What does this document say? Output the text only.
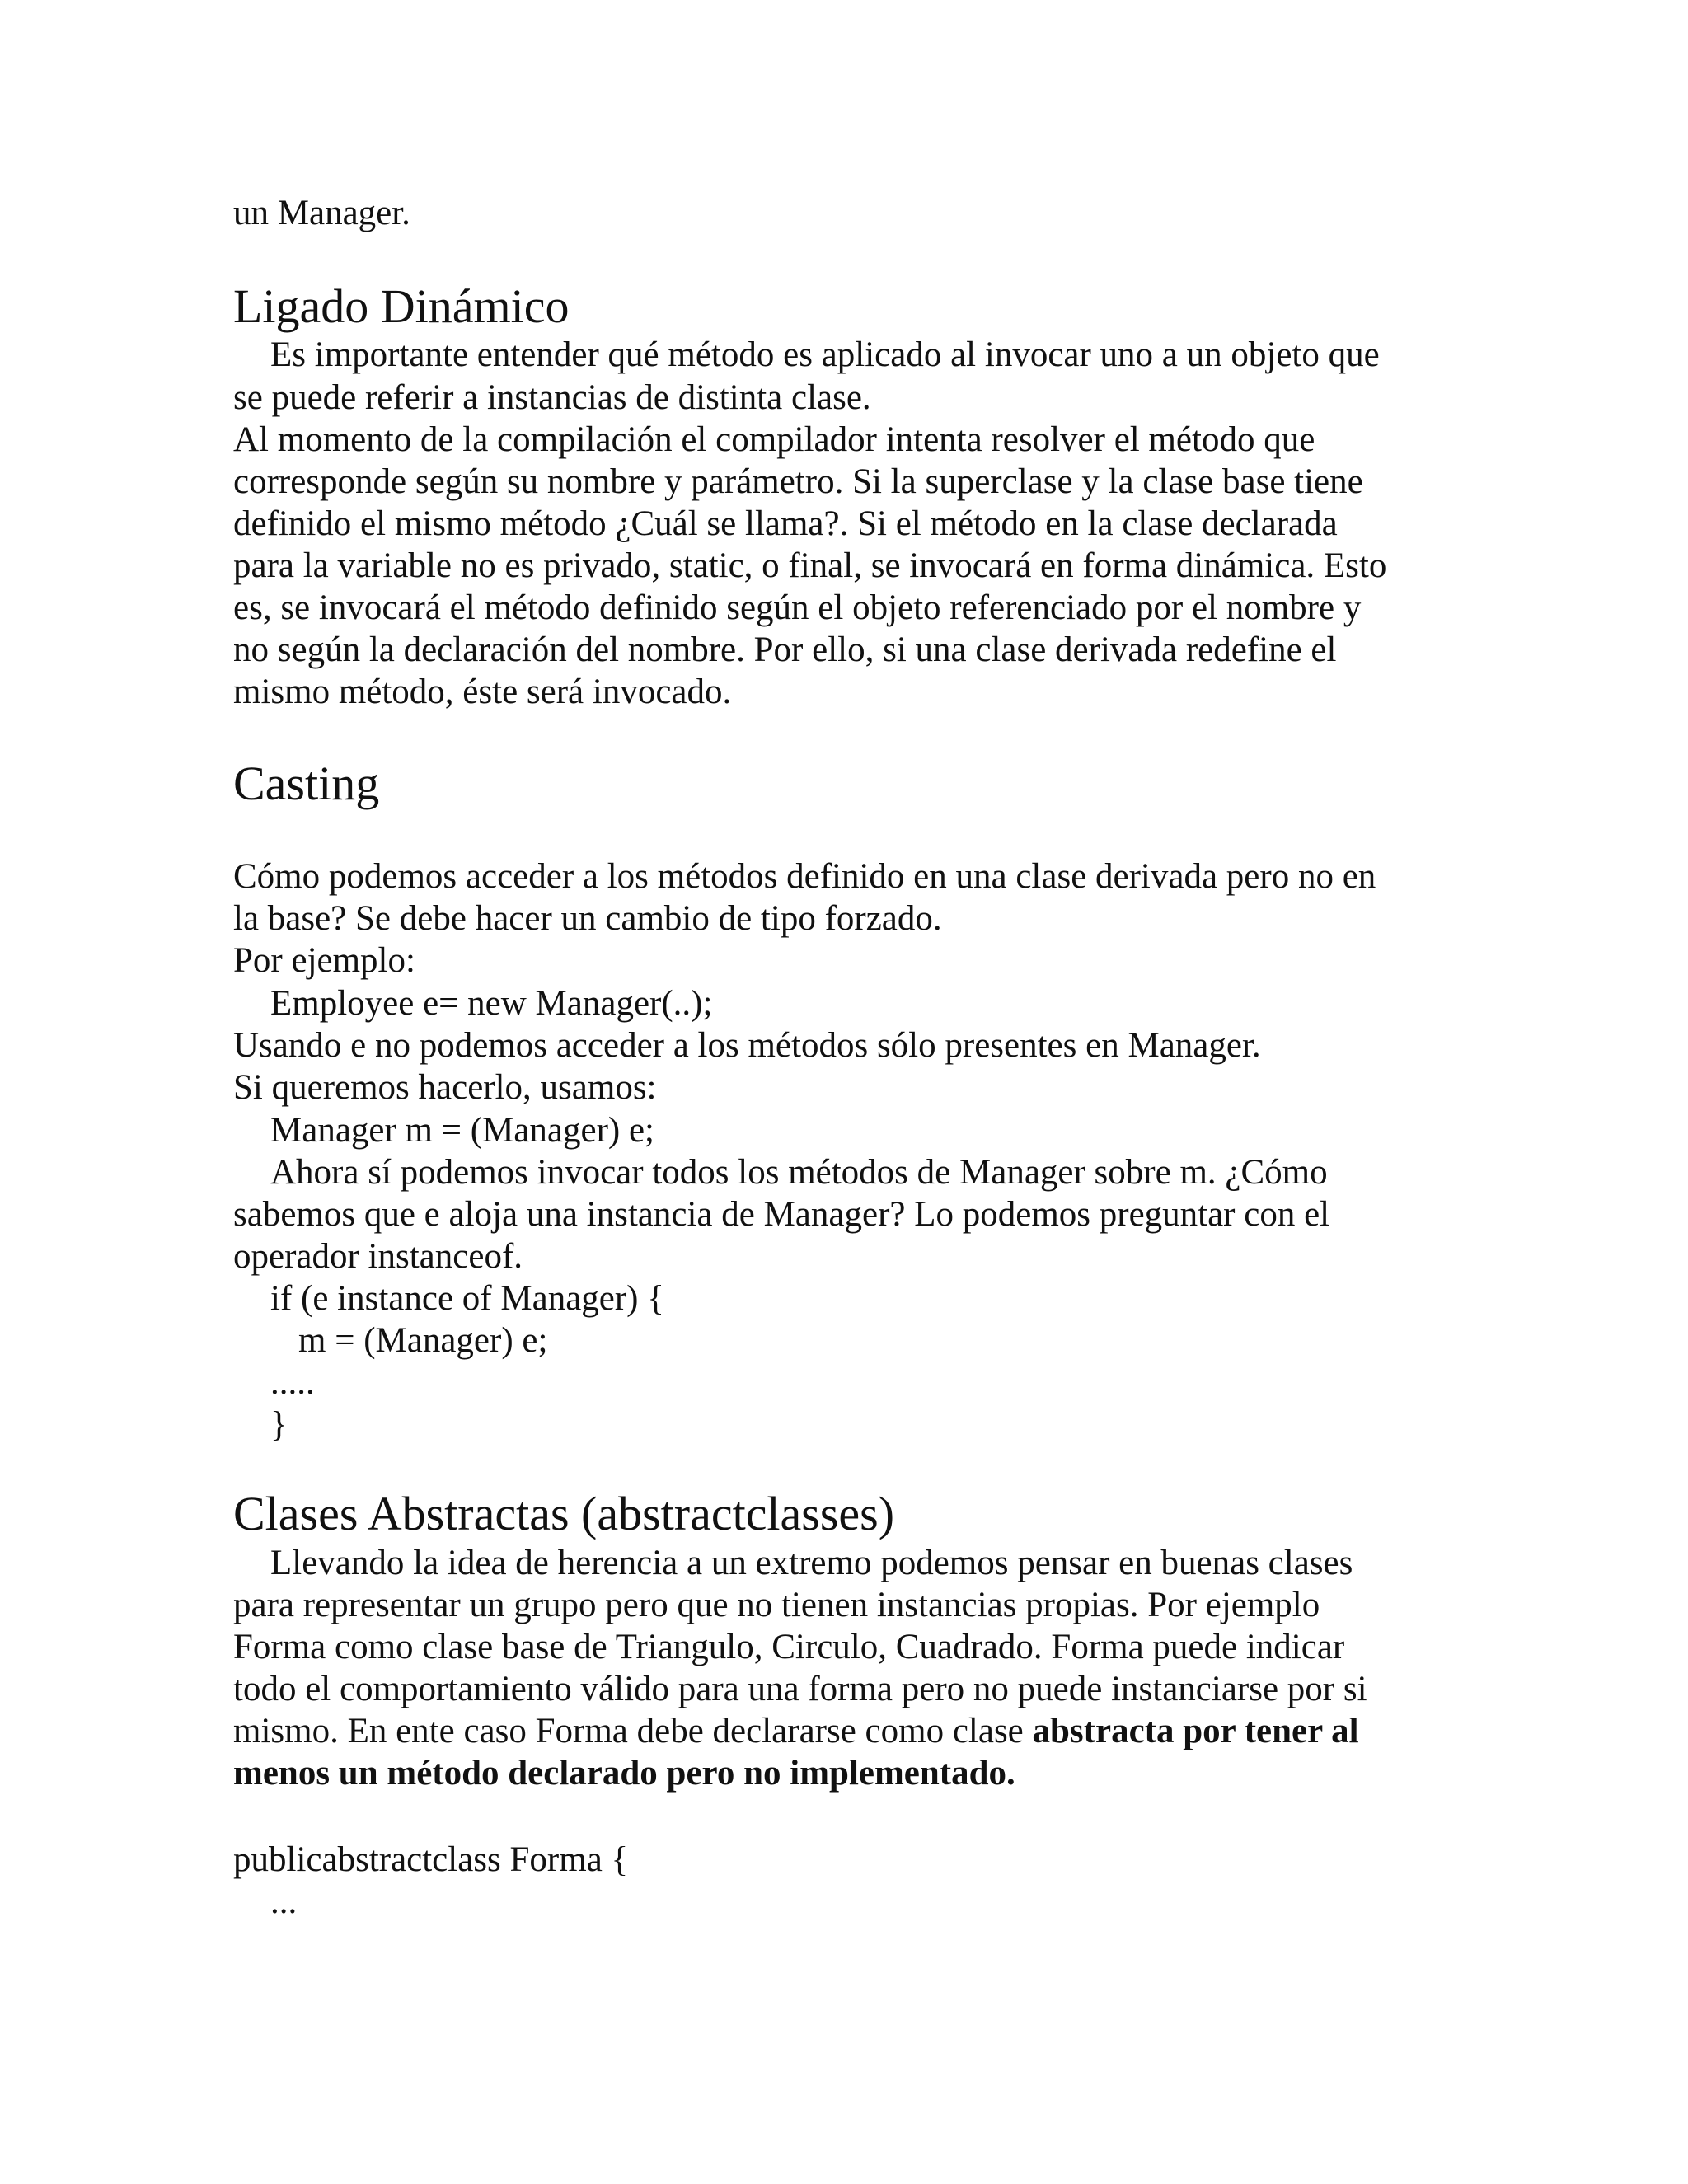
un Manager.

Ligado Dinámico

Es importante entender qué método es aplicado al invocar uno a un objeto que

se puede referir a instancias de distinta clase.

Al momento de la compilación el compilador intenta resolver el método que

corresponde según su nombre y parámetro. Si la superclase y la clase base tiene

definido el mismo método ¿Cuál se llama?. Si el método en la clase declarada

para la variable no es privado, static, o final, se invocará en forma dinámica. Esto

es, se invocará el método definido según el objeto referenciado por el nombre y

no según la declaración del nombre. Por ello, si una clase derivada redefine el

mismo método, éste será invocado.

Casting

Cómo podemos acceder a los métodos definido en una clase derivada pero no en

la base? Se debe hacer un cambio de tipo forzado.

Por ejemplo:

Employee e= new Manager(..);

Usando e no podemos acceder a los métodos sólo presentes en Manager.

Si queremos hacerlo, usamos:

Manager m = (Manager) e;

Ahora sí podemos invocar todos los métodos de Manager sobre m. ¿Cómo

sabemos que e aloja una instancia de Manager? Lo podemos preguntar con el

operador instanceof.

if (e instance of Manager) {

m = (Manager) e;

.....

}

Clases Abstractas (abstractclasses)

Llevando la idea de herencia a un extremo podemos pensar en buenas clases

para representar un grupo pero que no tienen instancias propias. Por ejemplo

Forma como clase base de Triangulo, Circulo, Cuadrado. Forma puede indicar

todo el comportamiento válido para una forma pero no puede instanciarse por si

mismo. En ente caso Forma debe declararse como clase abstracta por tener al

menos un método declarado pero no implementado.

publicabstractclass Forma {

...
